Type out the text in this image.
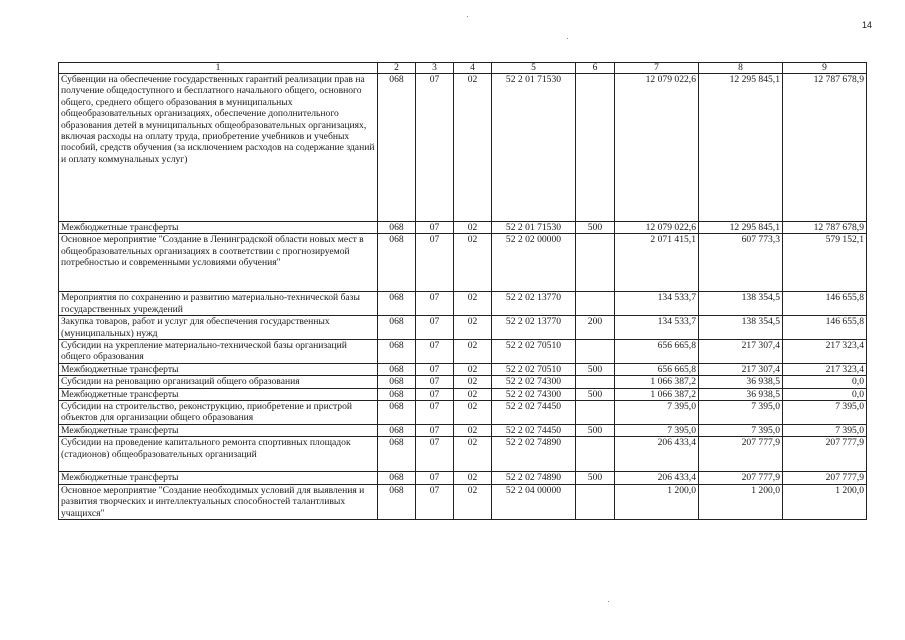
14
1	2	3	4	5	6	7	8	9
Субвенции на обеспечение государственных гарантий реализации прав на получение общедоступного и бесплатного начального общего, основного общего, среднего общего образования в муниципальных общеобразовательных организациях, обеспечение дополнительного образования детей в муниципальных общеобразовательных организациях, включая расходы на оплату труда, приобретение учебников и учебных пособий, средств обучения (за исключением расходов на содержание зданий и оплату коммунальных услуг)	068	07	02	52 2 01 71530		12 079 022,6	12 295 845,1	12 787 678,9
Межбюджетные трансферты	068	07	02	52 2 01 71530	500	12 079 022,6	12 295 845,1	12 787 678,9
Основное мероприятие "Создание в Ленинградской области новых мест в общеобразовательных организациях в соответствии с прогнозируемой потребностью и современными условиями обучения"	068	07	02	52 2 02 00000		2 071 415,1	607 773,3	579 152,1
Мероприятия по сохранению и развитию материально-технической базы государственных учреждений	068	07	02	52 2 02 13770		134 533,7	138 354,5	146 655,8
Закупка товаров, работ и услуг для обеспечения государственных (муниципальных) нужд	068	07	02	52 2 02 13770	200	134 533,7	138 354,5	146 655,8
Субсидии на укрепление материально-технической базы организаций общего образования	068	07	02	52 2 02 70510		656 665,8	217 307,4	217 323,4
Межбюджетные трансферты	068	07	02	52 2 02 70510	500	656 665,8	217 307,4	217 323,4
Субсидии на реновацию организаций общего образования	068	07	02	52 2 02 74300		1 066 387,2	36 938,5	0,0
Межбюджетные трансферты	068	07	02	52 2 02 74300	500	1 066 387,2	36 938,5	0,0
Субсидии на строительство, реконструкцию, приобретение и пристрой объектов для организации общего образования	068	07	02	52 2 02 74450		7 395,0	7 395,0	7 395,0
Межбюджетные трансферты	068	07	02	52 2 02 74450	500	7 395,0	7 395,0	7 395,0
Субсидии на проведение капитального ремонта спортивных площадок (стадионов) общеобразовательных организаций	068	07	02	52 2 02 74890		206 433,4	207 777,9	207 777,9
Межбюджетные трансферты	068	07	02	52 2 02 74890	500	206 433,4	207 777,9	207 777,9
Основное мероприятие "Создание необходимых условий для выявления и развития творческих и интеллектуальных способностей талантливых учащихся"	068	07	02	52 2 04 00000		1 200,0	1 200,0	1 200,0
